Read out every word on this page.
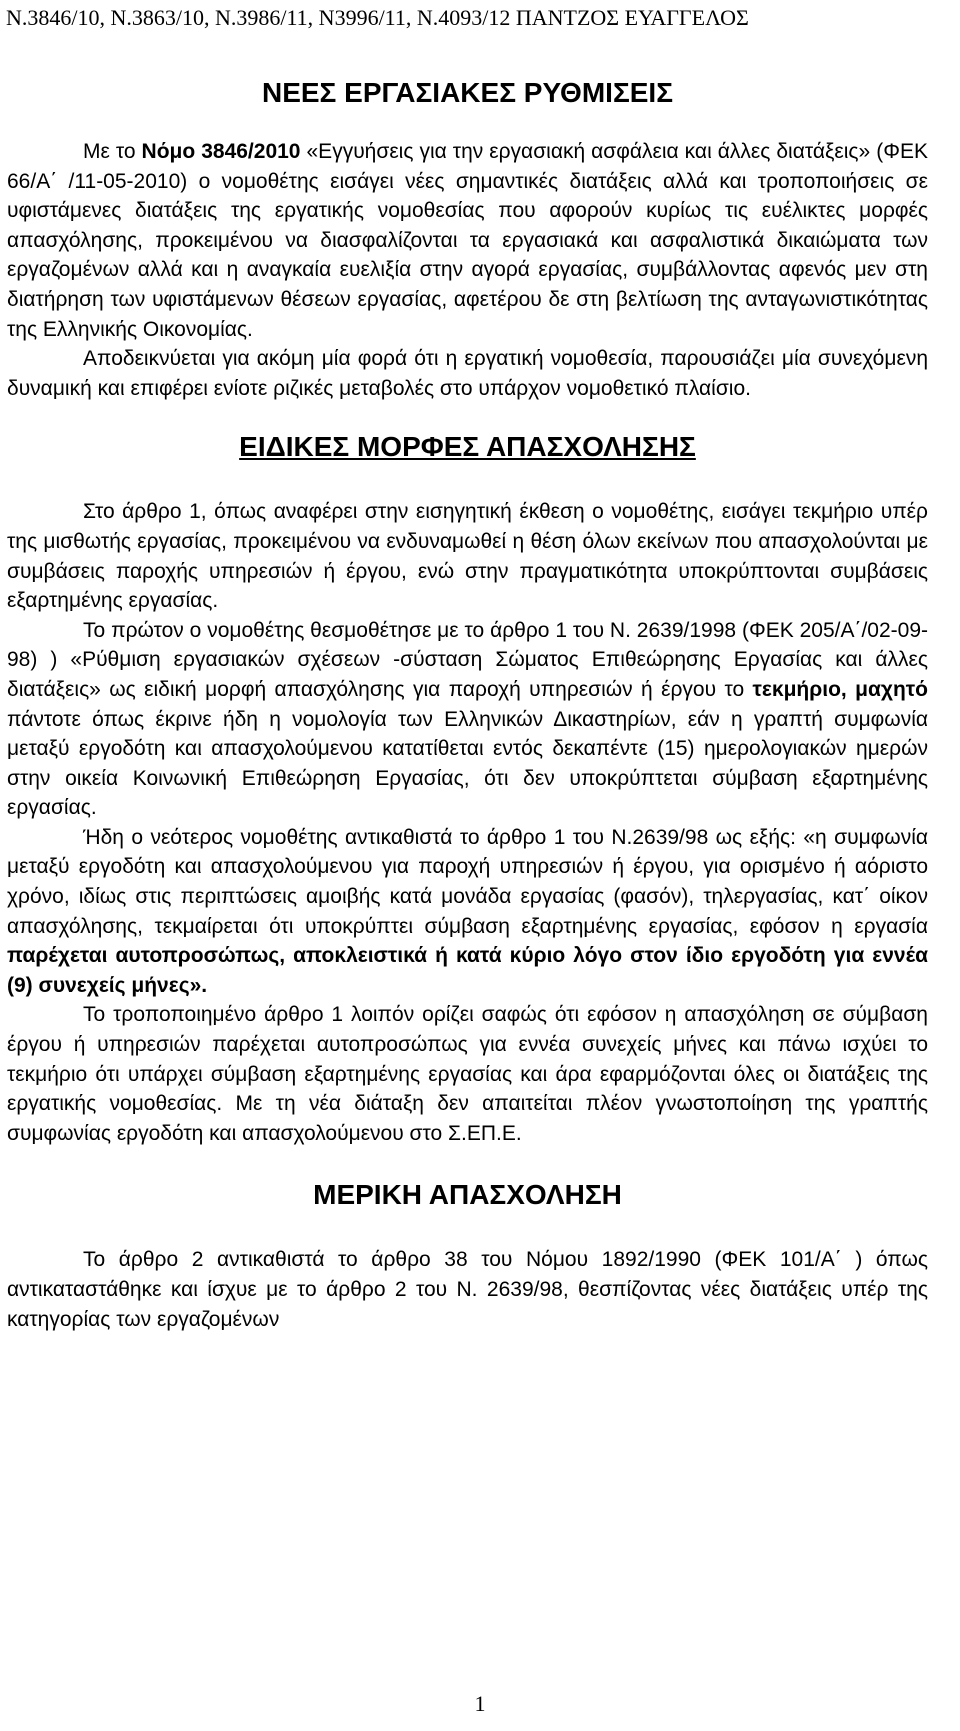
Ν.3846/10, Ν.3863/10, Ν.3986/11, Ν3996/11, Ν.4093/12 ΠΑΝΤΖΟΣ ΕΥΑΓΓΕΛΟΣ
ΝΕΕΣ ΕΡΓΑΣΙΑΚΕΣ ΡΥΘΜΙΣΕΙΣ

Με το Νόμο 3846/2010 «Εγγυήσεις για την εργασιακή ασφάλεια και άλλες διατάξεις» (ΦΕΚ 66/Α΄ /11-05-2010) ο νομοθέτης εισάγει νέες σημαντικές διατάξεις αλλά και τροποποιήσεις σε υφιστάμενες διατάξεις της εργατικής νομοθεσίας που αφορούν κυρίως τις ευέλικτες μορφές απασχόλησης, προκειμένου να διασφαλίζονται τα εργασιακά και ασφαλιστικά δικαιώματα των εργαζομένων αλλά και η αναγκαία ευελιξία στην αγορά εργασίας, συμβάλλοντας αφενός μεν στη διατήρηση των υφιστάμενων θέσεων εργασίας, αφετέρου δε στη βελτίωση της ανταγωνιστικότητας της Ελληνικής Οικονομίας.

Αποδεικνύεται για ακόμη μία φορά ότι η εργατική νομοθεσία, παρουσιάζει μία συνεχόμενη δυναμική και επιφέρει ενίοτε ριζικές μεταβολές στο υπάρχον νομοθετικό πλαίσιο.

ΕΙΔΙΚΕΣ ΜΟΡΦΕΣ ΑΠΑΣΧΟΛΗΣΗΣ

Στο άρθρο 1, όπως αναφέρει στην εισηγητική έκθεση ο νομοθέτης, εισάγει τεκμήριο υπέρ της μισθωτής εργασίας, προκειμένου να ενδυναμωθεί η θέση όλων εκείνων που απασχολούνται με συμβάσεις παροχής υπηρεσιών ή έργου, ενώ στην πραγματικότητα υποκρύπτονται συμβάσεις εξαρτημένης εργασίας.

Το πρώτον ο νομοθέτης θεσμοθέτησε με το άρθρο 1 του Ν. 2639/1998 (ΦΕΚ 205/Α΄/02-09-98) ) «Ρύθμιση εργασιακών σχέσεων -σύσταση Σώματος Επιθεώρησης Εργασίας και άλλες διατάξεις» ως ειδική μορφή απασχόλησης για παροχή υπηρεσιών ή έργου το τεκμήριο, μαχητό πάντοτε όπως έκρινε ήδη η νομολογία των Ελληνικών Δικαστηρίων, εάν η γραπτή συμφωνία μεταξύ εργοδότη και απασχολούμενου κατατίθεται εντός δεκαπέντε (15) ημερολογιακών ημερών στην οικεία Κοινωνική Επιθεώρηση Εργασίας, ότι δεν υποκρύπτεται σύμβαση εξαρτημένης εργασίας.

Ήδη ο νεότερος νομοθέτης αντικαθιστά το άρθρο 1 του Ν.2639/98 ως εξής: «η συμφωνία μεταξύ εργοδότη και απασχολούμενου για παροχή υπηρεσιών ή έργου, για ορισμένο ή αόριστο χρόνο, ιδίως στις περιπτώσεις αμοιβής κατά μονάδα εργασίας (φασόν), τηλεργασίας, κατ΄ οίκον απασχόλησης, τεκμαίρεται ότι υποκρύπτει σύμβαση εξαρτημένης εργασίας, εφόσον η εργασία παρέχεται αυτοπροσώπως, αποκλειστικά ή κατά κύριο λόγο στον ίδιο εργοδότη για εννέα (9) συνεχείς μήνες».

Το τροποποιημένο άρθρο 1 λοιπόν ορίζει σαφώς ότι εφόσον η απασχόληση σε σύμβαση έργου ή υπηρεσιών παρέχεται αυτοπροσώπως για εννέα συνεχείς μήνες και πάνω ισχύει το τεκμήριο ότι υπάρχει σύμβαση εξαρτημένης εργασίας και άρα εφαρμόζονται όλες οι διατάξεις της εργατικής νομοθεσίας. Με τη νέα διάταξη δεν απαιτείται πλέον γνωστοποίηση της γραπτής συμφωνίας εργοδότη και απασχολούμενου στο Σ.ΕΠ.Ε.

ΜΕΡΙΚΗ ΑΠΑΣΧΟΛΗΣΗ

Το άρθρο 2 αντικαθιστά το άρθρο 38 του Νόμου 1892/1990 (ΦΕΚ 101/Α΄ ) όπως αντικαταστάθηκε και ίσχυε με το άρθρο 2 του Ν. 2639/98, θεσπίζοντας νέες διατάξεις υπέρ της κατηγορίας των εργαζομένων

1
